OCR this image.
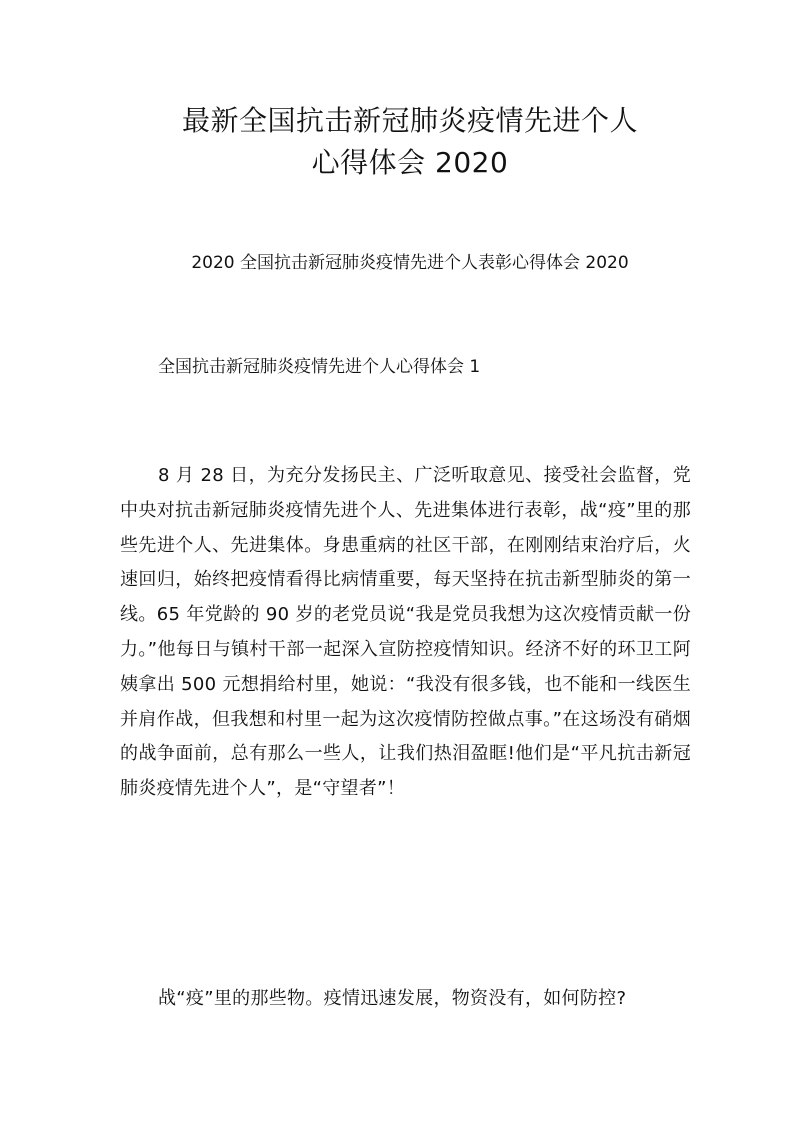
最新全国抗击新冠肺炎疫情先进个人
心得体会 2020

2020 全国抗击新冠肺炎疫情先进个人表彰心得体会 2020

全国抗击新冠肺炎疫情先进个人心得体会 1

8 月 28 日，为充分发扬民主、广泛听取意见、接受社会监督，党中央对抗击新冠肺炎疫情先进个人、先进集体进行表彰，战“疫”里的那些先进个人、先进集体。身患重病的社区干部，在刚刚结束治疗后，火速回归，始终把疫情看得比病情重要，每天坚持在抗击新型肺炎的第一线。65 年党龄的 90 岁的老党员说“我是党员我想为这次疫情贡献一份力。”他每日与镇村干部一起深入宣防控疫情知识。经济不好的环卫工阿姨拿出 500 元想捐给村里，她说：“我没有很多钱，也不能和一线医生并肩作战，但我想和村里一起为这次疫情防控做点事。”在这场没有硝烟的战争面前，总有那么一些人，让我们热泪盈眶!他们是“平凡抗击新冠肺炎疫情先进个人”，是“守望者”！

战“疫”里的那些物。疫情迅速发展，物资没有，如何防控?
